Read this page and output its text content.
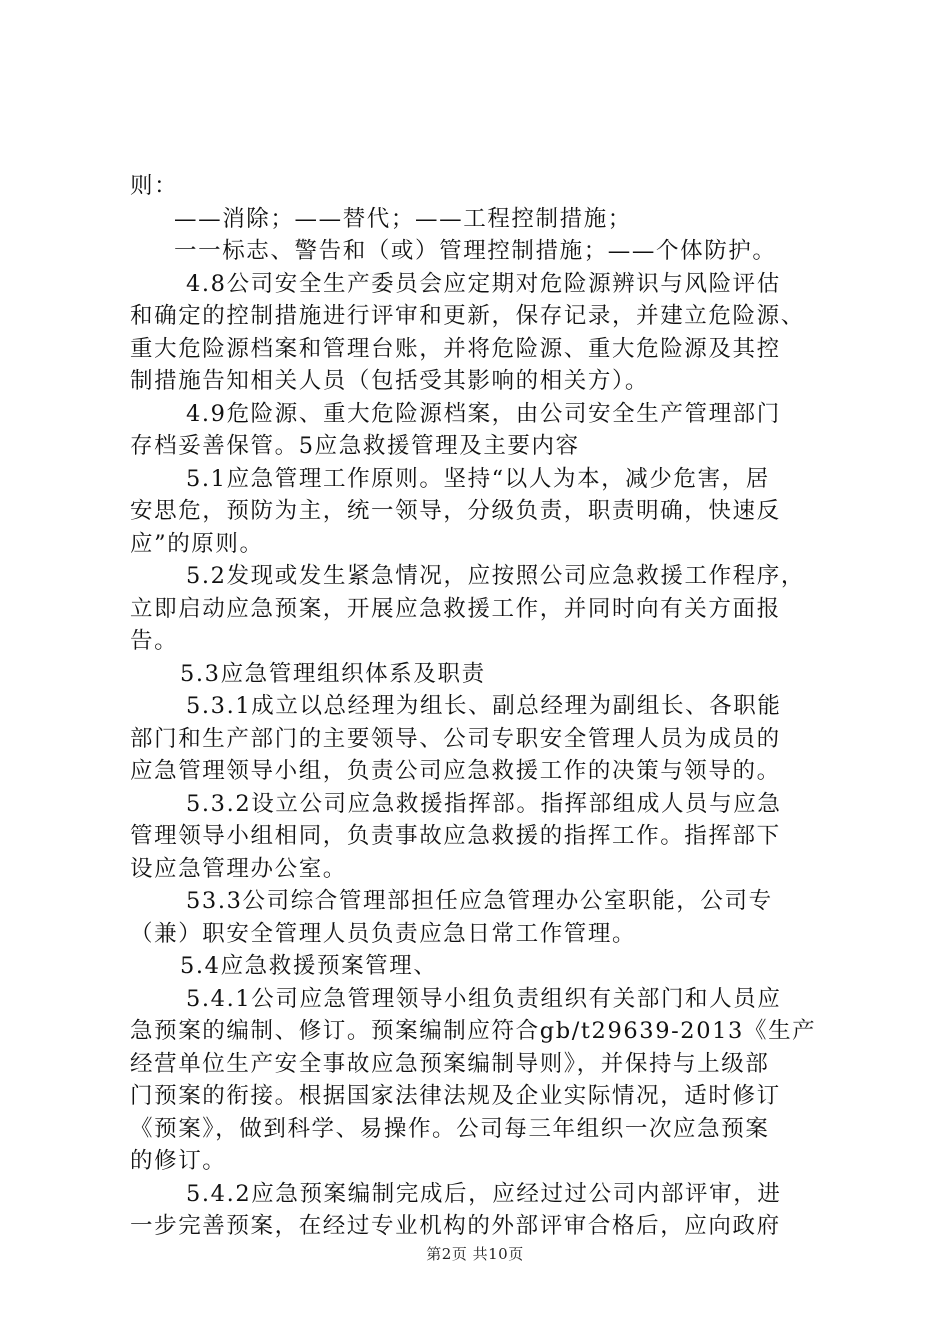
则：
——消除；——替代；——工程控制措施；
一一标志、警告和（或）管理控制措施；——个体防护。
4.8公司安全生产委员会应定期对危险源辨识与风险评估
和确定的控制措施进行评审和更新，保存记录，并建立危险源、
重大危险源档案和管理台账，并将危险源、重大危险源及其控
制措施告知相关人员（包括受其影响的相关方）。
4.9危险源、重大危险源档案，由公司安全生产管理部门
存档妥善保管。5应急救援管理及主要内容
5.1应急管理工作原则。坚持“以人为本，减少危害，居
安思危，预防为主，统一领导，分级负责，职责明确，快速反
应”的原则。
5.2发现或发生紧急情况，应按照公司应急救援工作程序，
立即启动应急预案，开展应急救援工作，并同时向有关方面报
告。
5.3应急管理组织体系及职责
5.3.1成立以总经理为组长、副总经理为副组长、各职能
部门和生产部门的主要领导、公司专职安全管理人员为成员的
应急管理领导小组，负责公司应急救援工作的决策与领导的。
5.3.2设立公司应急救援指挥部。指挥部组成人员与应急
管理领导小组相同，负责事故应急救援的指挥工作。指挥部下
设应急管理办公室。
53.3公司综合管理部担任应急管理办公室职能，公司专
（兼）职安全管理人员负责应急日常工作管理。
5.4应急救援预案管理、
5.4.1公司应急管理领导小组负责组织有关部门和人员应
急预案的编制、修订。预案编制应符合gb/t29639-2013《生产
经营单位生产安全事故应急预案编制导则》，并保持与上级部
门预案的衔接。根据国家法律法规及企业实际情况，适时修订
《预案》，做到科学、易操作。公司每三年组织一次应急预案
的修订。
5.4.2应急预案编制完成后，应经过过公司内部评审，进
一步完善预案，在经过专业机构的外部评审合格后，应向政府
第2页 共10页
